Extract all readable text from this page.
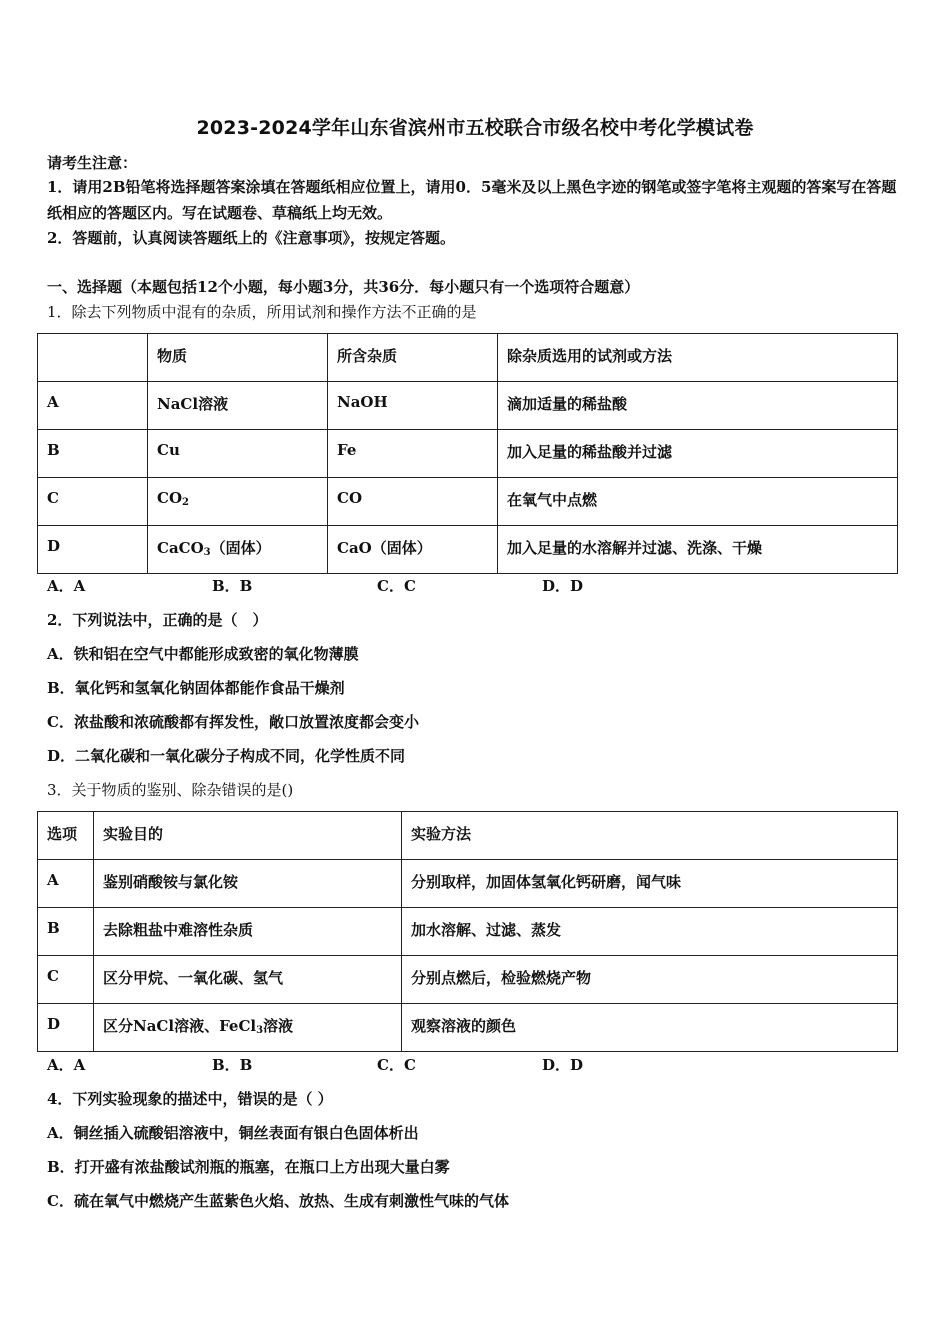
2023-2024学年山东省滨州市五校联合市级名校中考化学模试卷
请考生注意：
1．请用2B铅笔将选择题答案涂填在答题纸相应位置上，请用0．5毫米及以上黑色字迹的钢笔或签字笔将主观题的答案写在答题纸相应的答题区内。写在试题卷、草稿纸上均无效。
2．答题前，认真阅读答题纸上的《注意事项》，按规定答题。
一、选择题（本题包括12个小题，每小题3分，共36分．每小题只有一个选项符合题意）
1．除去下列物质中混有的杂质，所用试剂和操作方法不正确的是
	物质	所含杂质	除杂质选用的试剂或方法
A	NaCl溶液	NaOH	滴加适量的稀盐酸
B	Cu	Fe	加入足量的稀盐酸并过滤
C	$CO_2$	CO	在氧气中点燃
D	CaCO$_3$（固体）	CaO（固体）	加入足量的水溶解并过滤、洗涤、干燥
A．A	B．B	C．C	D．D
2．下列说法中，正确的是（　）
A．铁和铝在空气中都能形成致密的氧化物薄膜
B．氧化钙和氢氧化钠固体都能作食品干燥剂
C．浓盐酸和浓硫酸都有挥发性，敞口放置浓度都会变小
D．二氧化碳和一氧化碳分子构成不同，化学性质不同
3．关于物质的鉴别、除杂错误的是()
选项	实验目的	实验方法
A	鉴别硝酸铵与氯化铵	分别取样，加固体氢氧化钙研磨，闻气味
B	去除粗盐中难溶性杂质	加水溶解、过滤、蒸发
C	区分甲烷、一氧化碳、氢气	分别点燃后，检验燃烧产物
D	区分NaCl溶液、FeCl$_3$溶液	观察溶液的颜色
A．A	B．B	C．C	D．D
4．下列实验现象的描述中，错误的是（ ）
A．铜丝插入硫酸铝溶液中，铜丝表面有银白色固体析出
B．打开盛有浓盐酸试剂瓶的瓶塞，在瓶口上方出现大量白雾
C．硫在氧气中燃烧产生蓝紫色火焰、放热、生成有刺激性气味的气体
